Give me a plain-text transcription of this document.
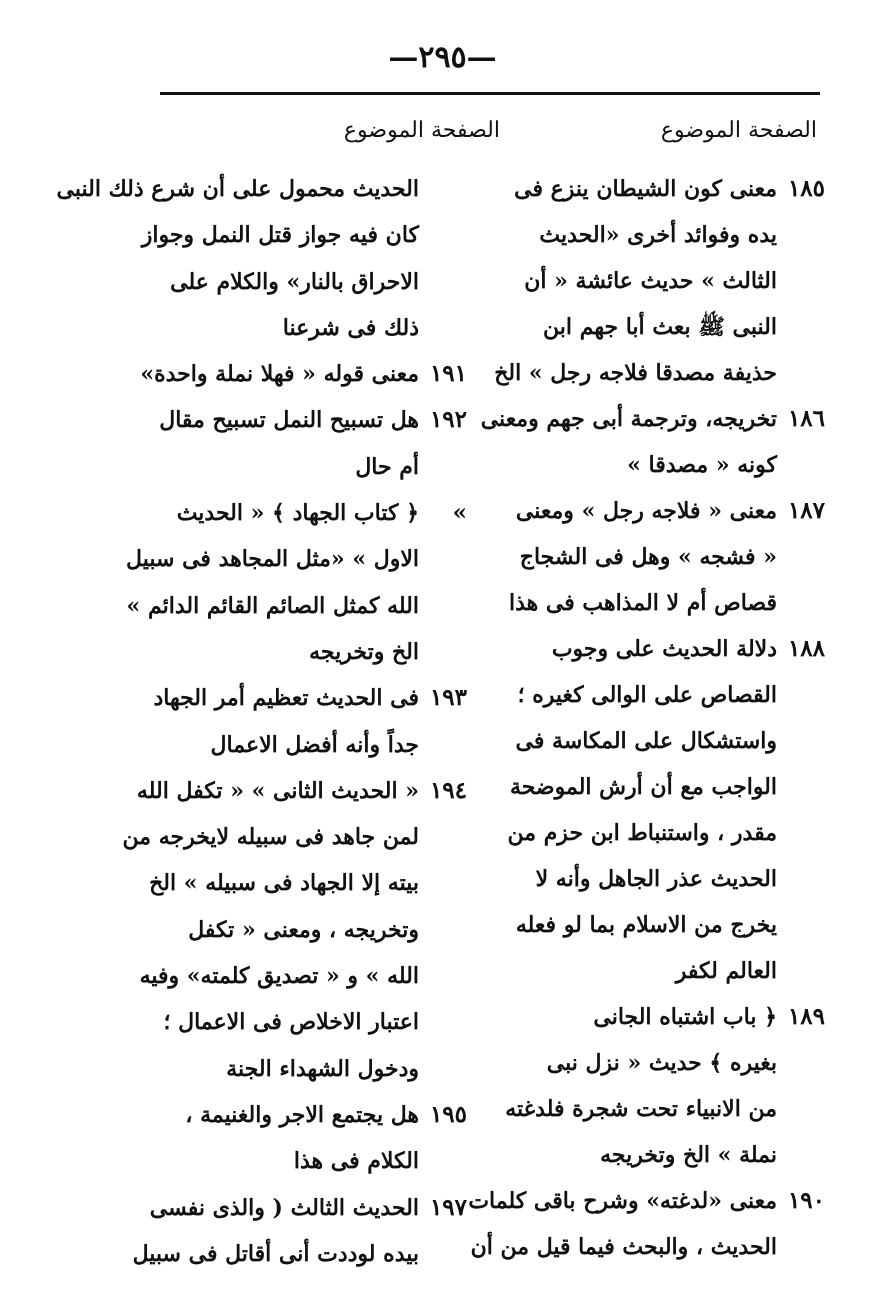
—٢٩٥—
الصفحة الموضوع
الصفحة الموضوع
١٨٥
معنى كون الشيطان ينزع فى
يده وفوائد أخرى «الحديث
الثالث » حديث عائشة « أن
النبى ﷺ بعث أبا جهم ابن
حذيفة مصدقا فلاجه رجل » الخ
١٨٦
تخريجه، وترجمة أبى جهم ومعنى
كونه « مصدقا »
١٨٧
معنى « فلاجه رجل » ومعنى
« فشجه » وهل فى الشجاج
قصاص أم لا المذاهب فى هذا
١٨٨
دلالة الحديث على وجوب
القصاص على الوالى كغيره ؛
واستشكال على المكاسة فى
الواجب مع أن أرش الموضحة
مقدر ، واستنباط ابن حزم من
الحديث عذر الجاهل وأنه لا
يخرج من الاسلام بما لو فعله
العالم لكفر
١٨٩
﴿ باب اشتباه الجانى
بغيره ﴾ حديث « نزل نبى
من الانبياء تحت شجرة فلدغته
نملة » الخ وتخريجه
١٩٠
معنى «لدغته» وشرح باقى كلمات
الحديث ، والبحث فيما قيل من أن
الحديث محمول على أن شرع ذلك النبى
كان فيه جواز قتل النمل وجواز
الاحراق بالنار» والكلام على
ذلك فى شرعنا
١٩١
معنى قوله « فهلا نملة واحدة»
١٩٢
هل تسبيح النمل تسبيح مقال
أم حال
»
﴿ كتاب الجهاد ﴾ « الحديث
الاول » «مثل المجاهد فى سبيل
الله كمثل الصائم القائم الدائم »
الخ وتخريجه
١٩٣
فى الحديث تعظيم أمر الجهاد
جداً وأنه أفضل الاعمال
١٩٤
« الحديث الثانى » « تكفل الله
لمن جاهد فى سبيله لايخرجه من
بيته إلا الجهاد فى سبيله » الخ
وتخريجه ، ومعنى « تكفل
الله » و « تصديق كلمته» وفيه
اعتبار الاخلاص فى الاعمال ؛
ودخول الشهداء الجنة
١٩٥
هل يجتمع الاجر والغنيمة ،
الكلام فى هذا
١٩٧
الحديث الثالث ( والذى نفسى
بيده لوددت أنى أقاتل فى سبيل
